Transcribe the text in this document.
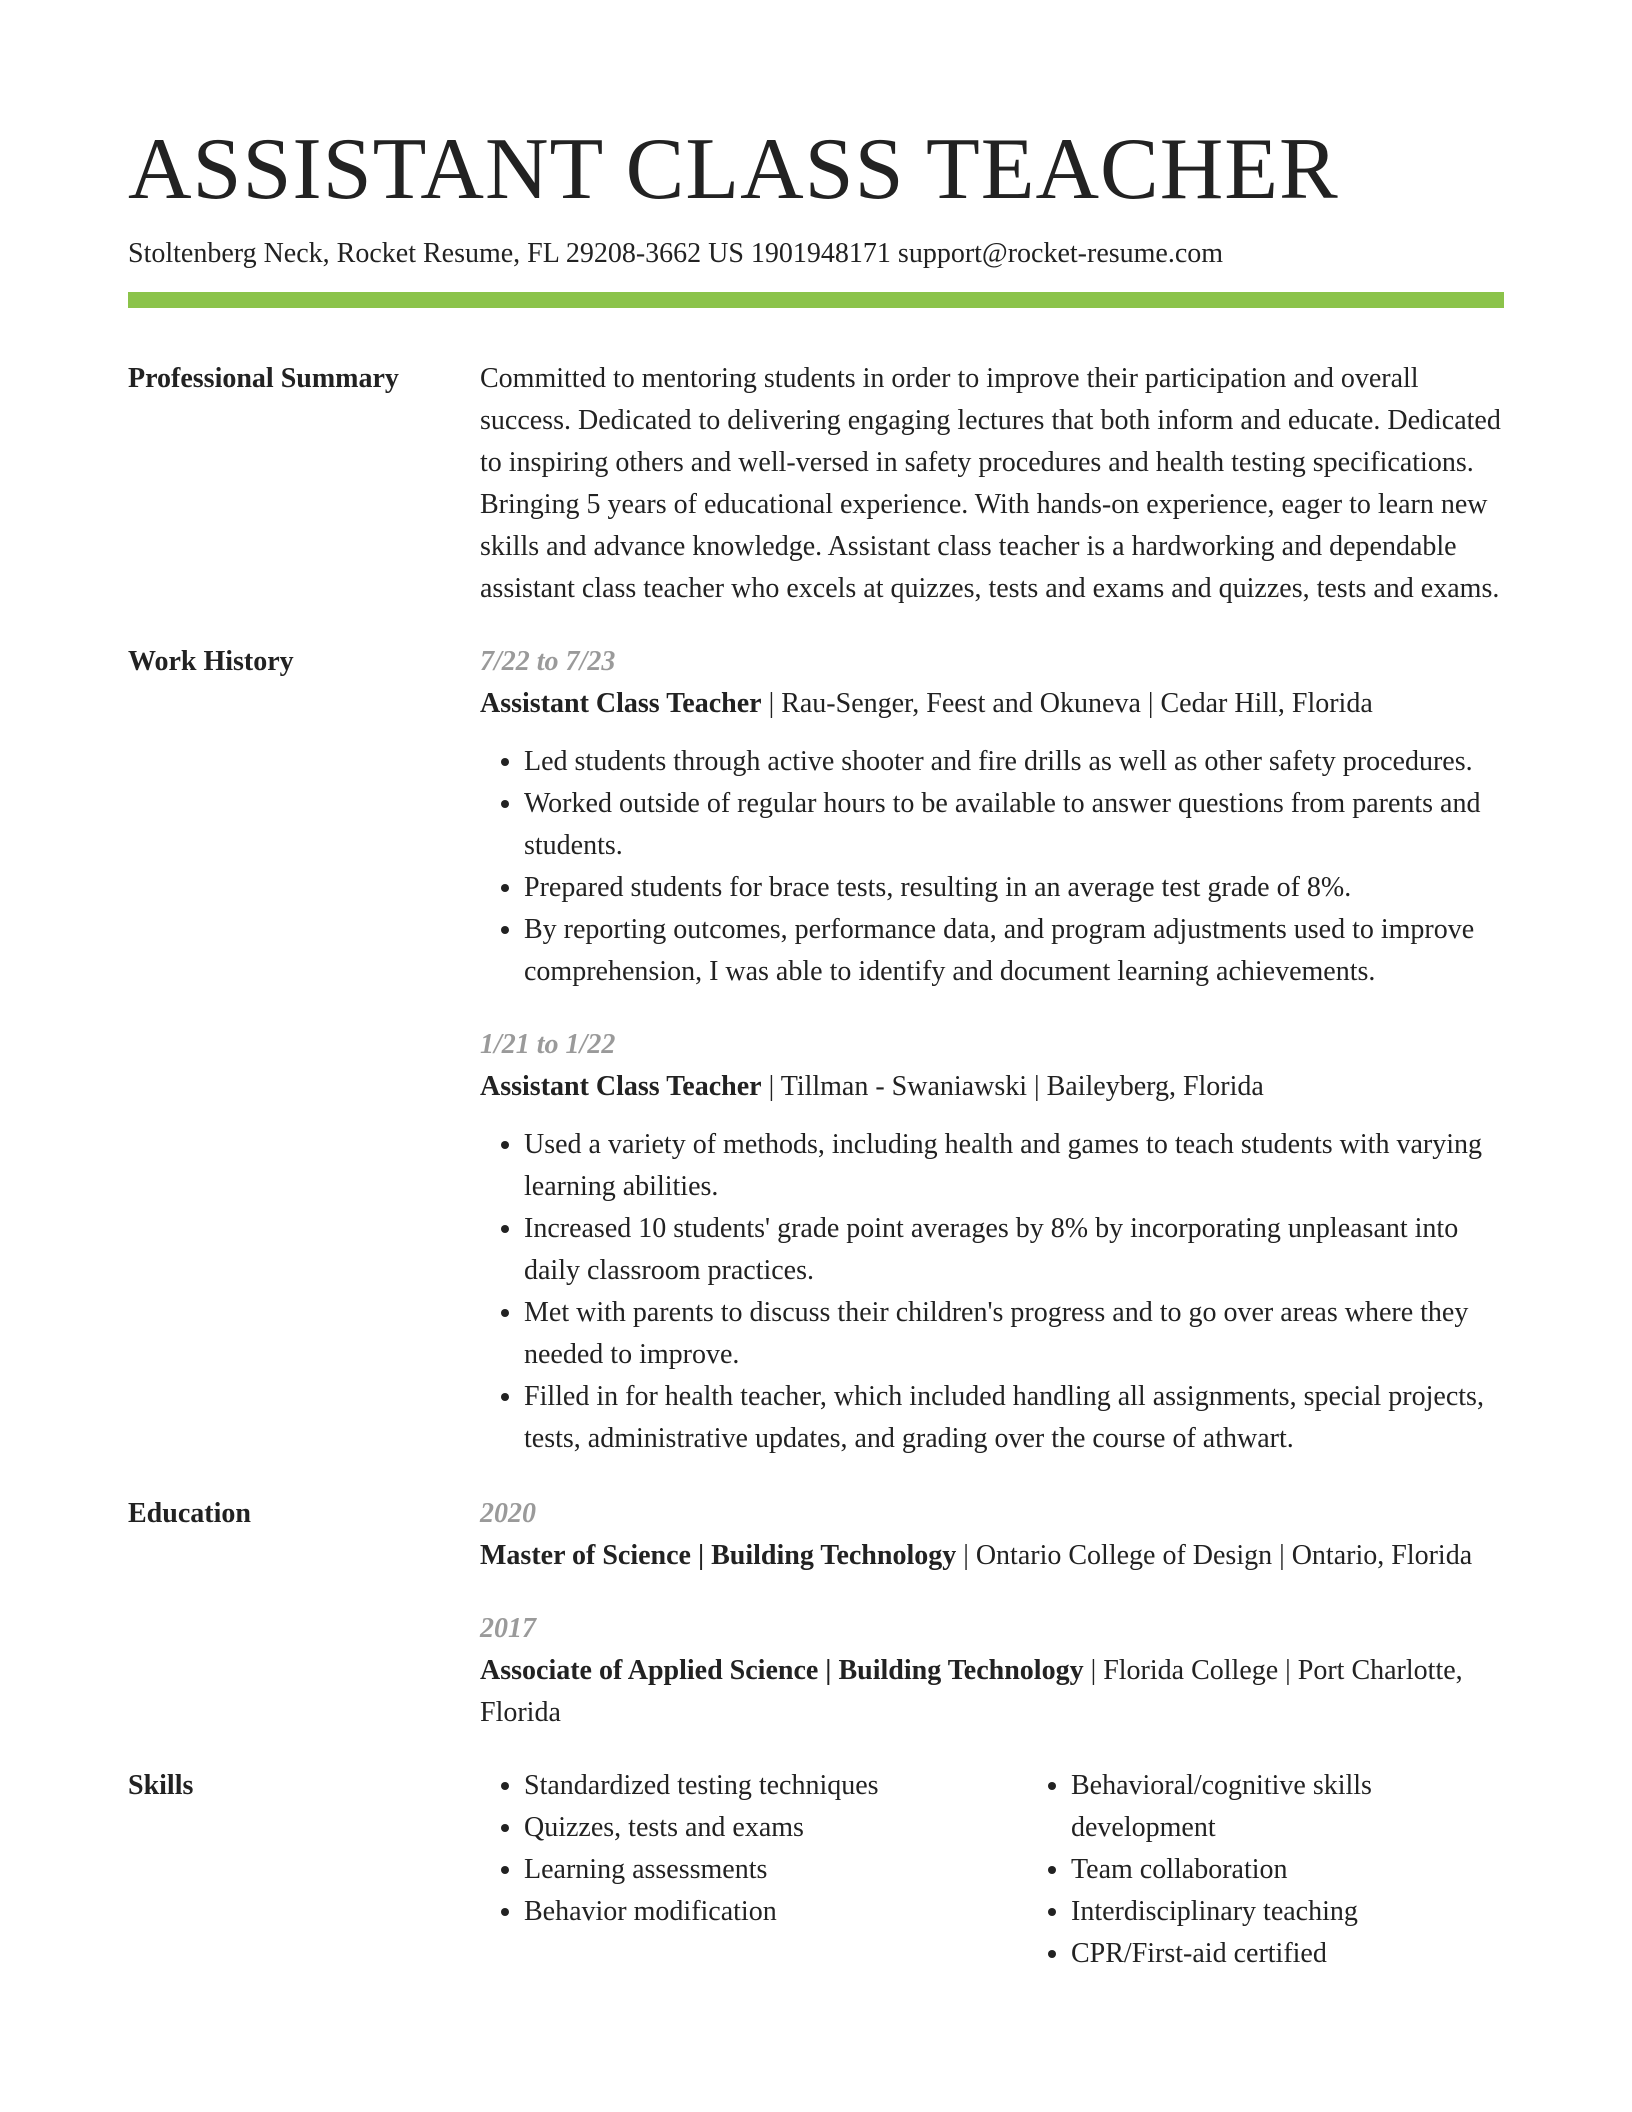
ASSISTANT CLASS TEACHER
Stoltenberg Neck, Rocket Resume, FL 29208-3662 US 1901948171 support@rocket-resume.com
Professional Summary	Committed to mentoring students in order to improve their participation and overall success. Dedicated to delivering engaging lectures that both inform and educate. Dedicated to inspiring others and well-versed in safety procedures and health testing specifications. Bringing 5 years of educational experience. With hands-on experience, eager to learn new skills and advance knowledge. Assistant class teacher is a hardworking and dependable assistant class teacher who excels at quizzes, tests and exams and quizzes, tests and exams.
Work History	7/22 to 7/23
Assistant Class Teacher | Rau-Senger, Feest and Okuneva | Cedar Hill, Florida
• Led students through active shooter and fire drills as well as other safety procedures.
• Worked outside of regular hours to be available to answer questions from parents and students.
• Prepared students for brace tests, resulting in an average test grade of 8%.
• By reporting outcomes, performance data, and program adjustments used to improve comprehension, I was able to identify and document learning achievements.
1/21 to 1/22
Assistant Class Teacher | Tillman - Swaniawski | Baileyberg, Florida
• Used a variety of methods, including health and games to teach students with varying learning abilities.
• Increased 10 students' grade point averages by 8% by incorporating unpleasant into daily classroom practices.
• Met with parents to discuss their children's progress and to go over areas where they needed to improve.
• Filled in for health teacher, which included handling all assignments, special projects, tests, administrative updates, and grading over the course of athwart.
Education	2020
Master of Science | Building Technology | Ontario College of Design | Ontario, Florida
2017
Associate of Applied Science | Building Technology | Florida College | Port Charlotte, Florida
Skills
•	Standardized testing techniques
• Quizzes, tests and exams
• Learning assessments
• Behavior modification
• Behavioral/cognitive skills development
• Team collaboration
• Interdisciplinary teaching
• CPR/First-aid certified
